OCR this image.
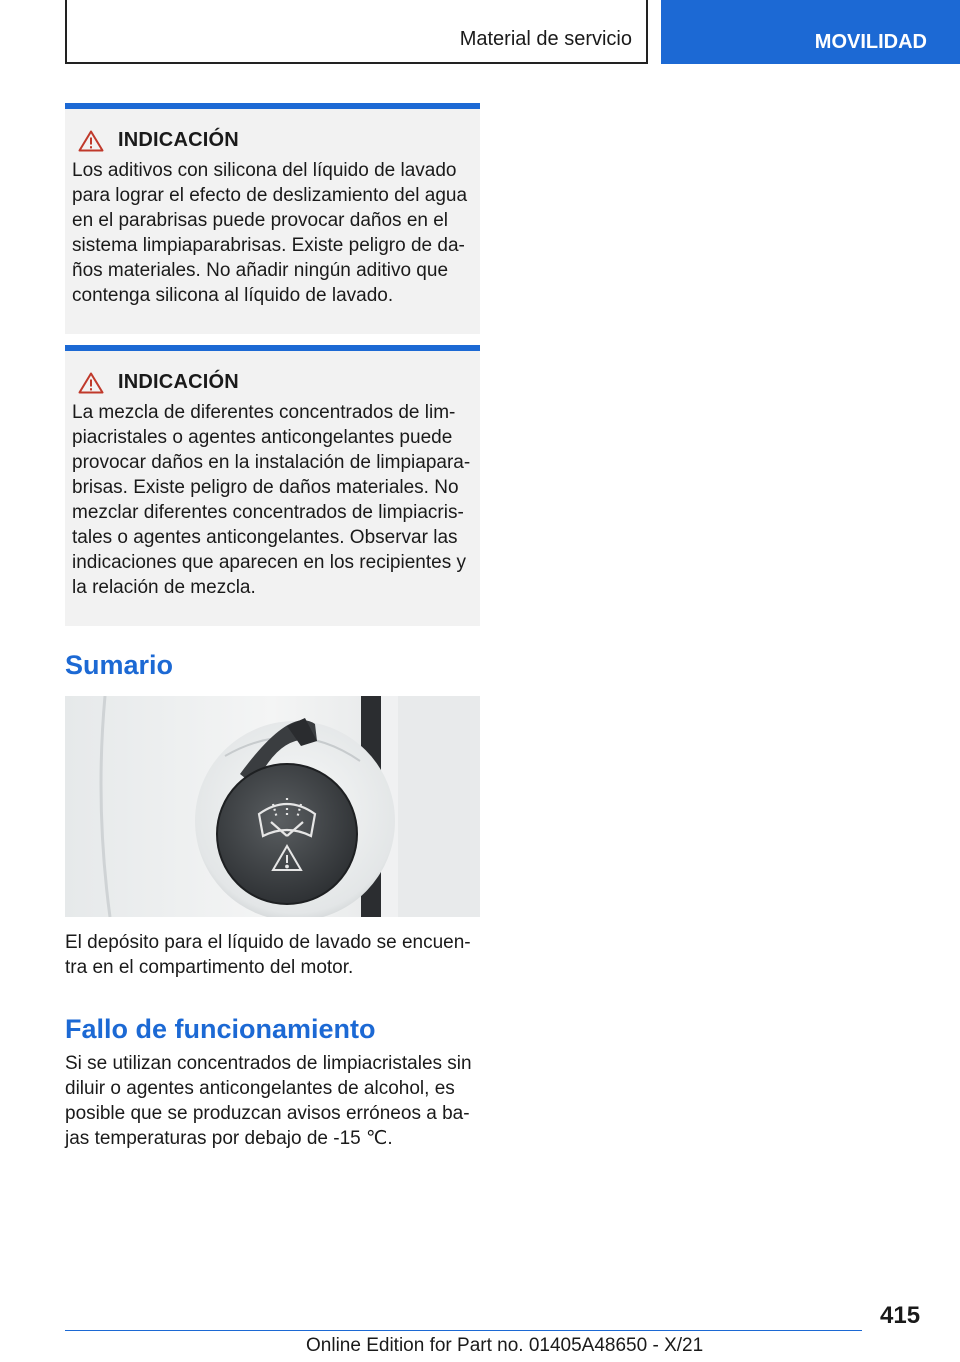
Material de servicio	MOVILIDAD
INDICACIÓN
Los aditivos con silicona del líquido de lavado
para lograr el efecto de deslizamiento del agua
en el parabrisas puede provocar daños en el
sistema limpiaparabrisas. Existe peligro de da‐
ños materiales. No añadir ningún aditivo que
contenga silicona al líquido de lavado.
INDICACIÓN
La mezcla de diferentes concentrados de lim‐
piacristales o agentes anticongelantes puede
provocar daños en la instalación de limpiapara‐
brisas. Existe peligro de daños materiales. No
mezclar diferentes concentrados de limpiacris‐
tales o agentes anticongelantes. Observar las
indicaciones que aparecen en los recipientes y
la relación de mezcla.
Sumario
El depósito para el líquido de lavado se encuen‐
tra en el compartimento del motor.
Fallo de funcionamiento
Si se utilizan concentrados de limpiacristales sin
diluir o agentes anticongelantes de alcohol, es
posible que se produzcan avisos erróneos a ba‐
jas temperaturas por debajo de -15 ℃.
415
Online Edition for Part no. 01405A48650 - X/21
